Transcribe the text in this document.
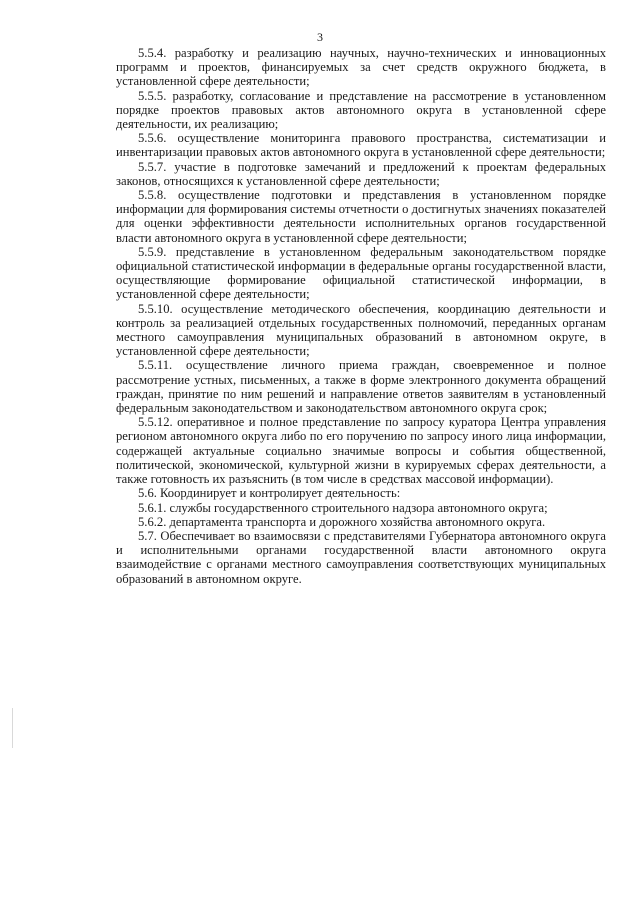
3

5.5.4. разработку и реализацию научных, научно-технических и инновационных программ и проектов, финансируемых за счет средств окружного бюджета, в установленной сфере деятельности;

5.5.5. разработку, согласование и представление на рассмотрение в установленном порядке проектов правовых актов автономного округа в установленной сфере деятельности, их реализацию;

5.5.6. осуществление мониторинга правового пространства, систематизации и инвентаризации правовых актов автономного округа в установленной сфере деятельности;

5.5.7. участие в подготовке замечаний и предложений к проектам федеральных законов, относящихся к установленной сфере деятельности;

5.5.8. осуществление подготовки и представления в установленном порядке информации для формирования системы отчетности о достигнутых значениях показателей для оценки эффективности деятельности исполнительных органов государственной власти автономного округа в установленной сфере деятельности;

5.5.9. представление в установленном федеральным законодательством порядке официальной статистической информации в федеральные органы государственной власти, осуществляющие формирование официальной статистической информации, в установленной сфере деятельности;

5.5.10. осуществление методического обеспечения, координацию деятельности и контроль за реализацией отдельных государственных полномочий, переданных органам местного самоуправления муниципальных образований в автономном округе, в установленной сфере деятельности;

5.5.11. осуществление личного приема граждан, своевременное и полное рассмотрение устных, письменных, а также в форме электронного документа обращений граждан, принятие по ним решений и направление ответов заявителям в установленный федеральным законодательством и законодательством автономного округа срок;

5.5.12. оперативное и полное представление по запросу куратора Центра управления регионом автономного округа либо по его поручению по запросу иного лица информации, содержащей актуальные социально значимые вопросы и события общественной, политической, экономической, культурной жизни в курируемых сферах деятельности, а также готовность их разъяснить (в том числе в средствах массовой информации).

5.6. Координирует и контролирует деятельность:

5.6.1. службы государственного строительного надзора автономного округа;

5.6.2. департамента транспорта и дорожного хозяйства автономного округа.

5.7. Обеспечивает во взаимосвязи с представителями Губернатора автономного округа и исполнительными органами государственной власти автономного округа взаимодействие с органами местного самоуправления соответствующих муниципальных образований в автономном округе.
